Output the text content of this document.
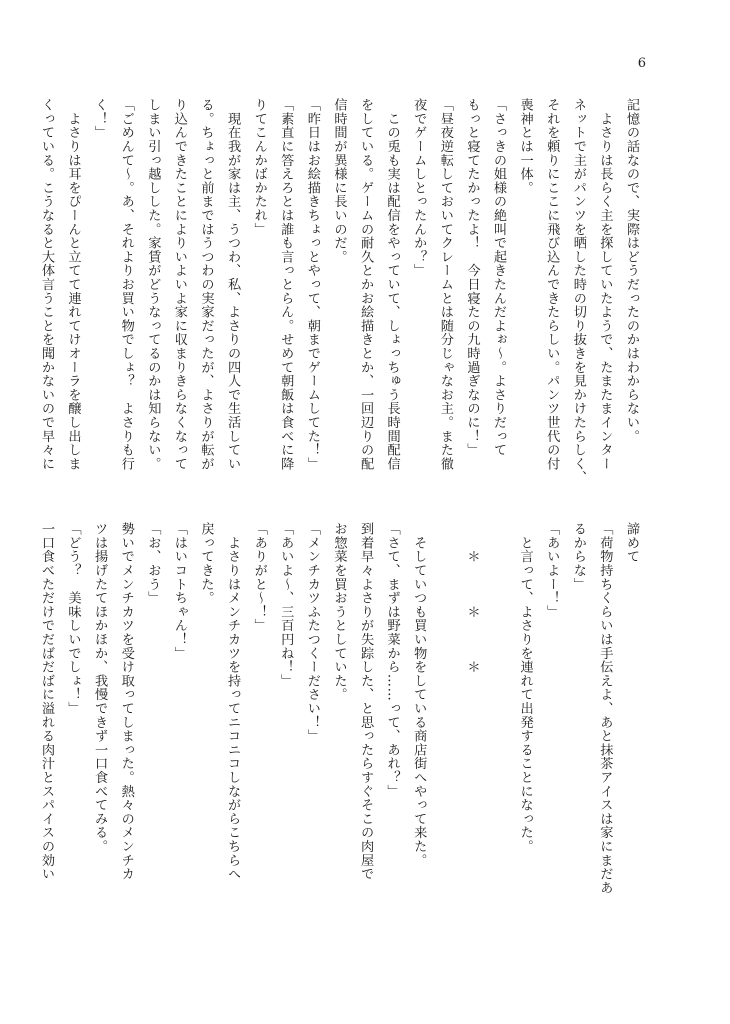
6
記憶の話なので、実際はどうだったのかはわからない。
　よさりは長らく主を探していたようで、たまたまインター
ネットで主がパンツを晒した時の切り抜きを見かけたらしく、
それを頼りにここに飛び込んできたらしい。パンツ世代の付
喪神とは一体。
「さっきの姐様の絶叫で起きたんだよぉ〜。よさりだって
もっと寝てたかったよ！　今日寝たの九時過ぎなのに！」
「昼夜逆転しておいてクレームとは随分じゃなお主。また徹
夜でゲームしとったんか？」
　この兎も実は配信をやっていて、しょっちゅう長時間配信
をしている。ゲームの耐久とかお絵描きとか、一回辺りの配
信時間が異様に長いのだ。
「昨日はお絵描きちょっとやって、朝までゲームしてた！」
「素直に答えろとは誰も言っとらん。せめて朝飯は食べに降
りてこんかばかたれ」
　現在我が家は主、うつわ、私、よさりの四人で生活してい
る。ちょっと前まではうつわの実家だったが、よさりが転が
り込んできたことによりいよいよ家に収まりきらなくなって
しまい引っ越しした。家賃がどうなってるのかは知らない。
「ごめんて〜。あ、それよりお買い物でしょ？　よさりも行
く！」
　よさりは耳をぴーんと立てて連れてけオーラを醸し出しま
くっている。こうなると大体言うことを聞かないので早々に
諦めて
「荷物持ちくらいは手伝えよ、あと抹茶アイスは家にまだあ
るからな」
「あいよー！」
　と言って、よさりを連れて出発することになった。

　　＊　　　＊　　　＊

　そしていつも買い物をしている商店街へやって来た。
「さて、まずは野菜から……って、あれ？」
到着早々よさりが失踪した、と思ったらすぐそこの肉屋で
お惣菜を買おうとしていた。
「メンチカツふたつくーださい！」
「あいよ〜、三百円ね！」
「ありがと〜！」
　よさりはメンチカツを持ってニコニコしながらこちらへ
戻ってきた。
「はいコトちゃん！」
「お、おう」
勢いでメンチカツを受け取ってしまった。熱々のメンチカ
ツは揚げたてほかほか、我慢できず一口食べてみる。
「どう？　美味しいでしょ！」
一口食べただけでだばだばに溢れる肉汁とスパイスの効い
